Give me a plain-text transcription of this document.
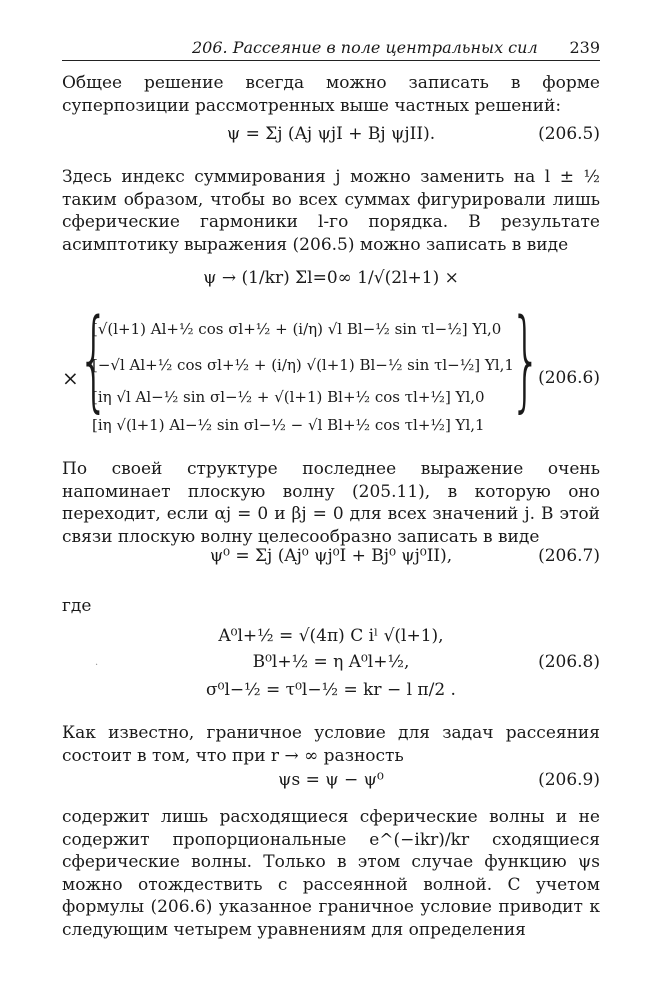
206. Рассеяние в поле центральных сил 239

Общее решение всегда можно записать в форме суперпозиции рассмотренных выше частных решений:

ψ = Σj (Aj ψjI + Bj ψjII).	(206.5)

Здесь индекс суммирования j можно заменить на l ± ½ таким образом, чтобы во всех суммах фигурировали лишь сферические гармоники l-го порядка. В результате асимптотику выражения (206.5) можно записать в виде

ψ → (1/kr) Σl=0∞ 1/√(2l+1) ×
× {
[√(l+1) Al+½ cos σl+½ + (i/η) √l Bl−½ sin τl−½] Yl,0
[−√l Al+½ cos σl+½ + (i/η) √(l+1) Bl−½ sin τl−½] Yl,1
[iη √l Al−½ sin σl−½ + √(l+1) Bl+½ cos τl+½] Yl,0
[iη √(l+1) Al−½ sin σl−½ − √l Bl+½ cos τl+½] Yl,1
}
(206.6)

По своей структуре последнее выражение очень напоминает плоскую волну (205.11), в которую оно переходит, если αj = 0 и βj = 0 для всех значений j. В этой связи плоскую волну целесообразно записать в виде

ψ⁰ = Σj (Aj⁰ ψj⁰I + Bj⁰ ψj⁰II),	(206.7)
где
A⁰l+½ = √(4π) C iˡ √(l+1),
B⁰l+½ = η A⁰l+½,
σ⁰l−½ = τ⁰l−½ = kr − l π/2 .
(206.8)
·

Как известно, граничное условие для задач рассеяния состоит в том, что при r → ∞ разность

ψs = ψ − ψ⁰	(206.9)

содержит лишь расходящиеся сферические волны и не содержит пропорциональные e^(−ikr)/kr сходящиеся сферические волны. Только в этом случае функцию ψs можно отождествить с рассеянной волной. С учетом формулы (206.6) указанное граничное условие приводит к следующим четырем уравнениям для определения
